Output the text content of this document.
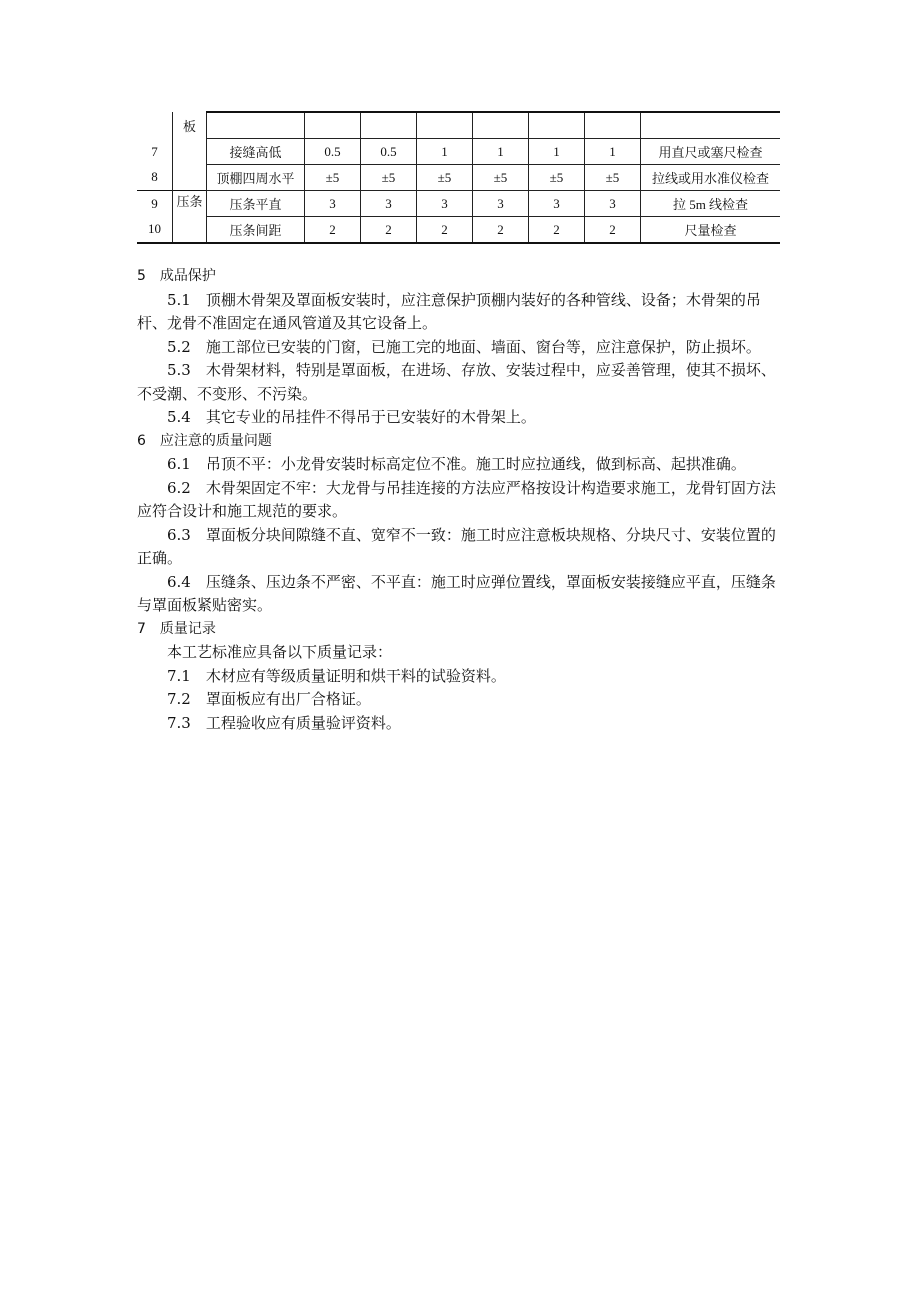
	板								
7		接缝高低	0.5	0.5	1	1	1	1	用直尺或塞尺检查
8		顶棚四周水平	±5	±5	±5	±5	±5	±5	拉线或用水准仪检查
9	压条	压条平直	3	3	3	3	3	3	拉 5m 线检查
10		压条间距	2	2	2	2	2	2	尺量检查
5　成品保护
5.1　顶棚木骨架及罩面板安装时，应注意保护顶棚内装好的各种管线、设备；木骨架的吊杆、龙骨不准固定在通风管道及其它设备上。
5.2　施工部位已安装的门窗，已施工完的地面、墙面、窗台等，应注意保护，防止损坏。
5.3　木骨架材料，特别是罩面板，在进场、存放、安装过程中，应妥善管理，使其不损坏、不受潮、不变形、不污染。
5.4　其它专业的吊挂件不得吊于已安装好的木骨架上。
6　应注意的质量问题
6.1　吊顶不平：小龙骨安装时标高定位不准。施工时应拉通线，做到标高、起拱准确。
6.2　木骨架固定不牢：大龙骨与吊挂连接的方法应严格按设计构造要求施工，龙骨钉固方法应符合设计和施工规范的要求。
6.3　罩面板分块间隙缝不直、宽窄不一致：施工时应注意板块规格、分块尺寸、安装位置的正确。
6.4　压缝条、压边条不严密、不平直：施工时应弹位置线，罩面板安装接缝应平直，压缝条与罩面板紧贴密实。
7　质量记录
本工艺标准应具备以下质量记录：
7.1　木材应有等级质量证明和烘干料的试验资料。
7.2　罩面板应有出厂合格证。
7.3　工程验收应有质量验评资料。
